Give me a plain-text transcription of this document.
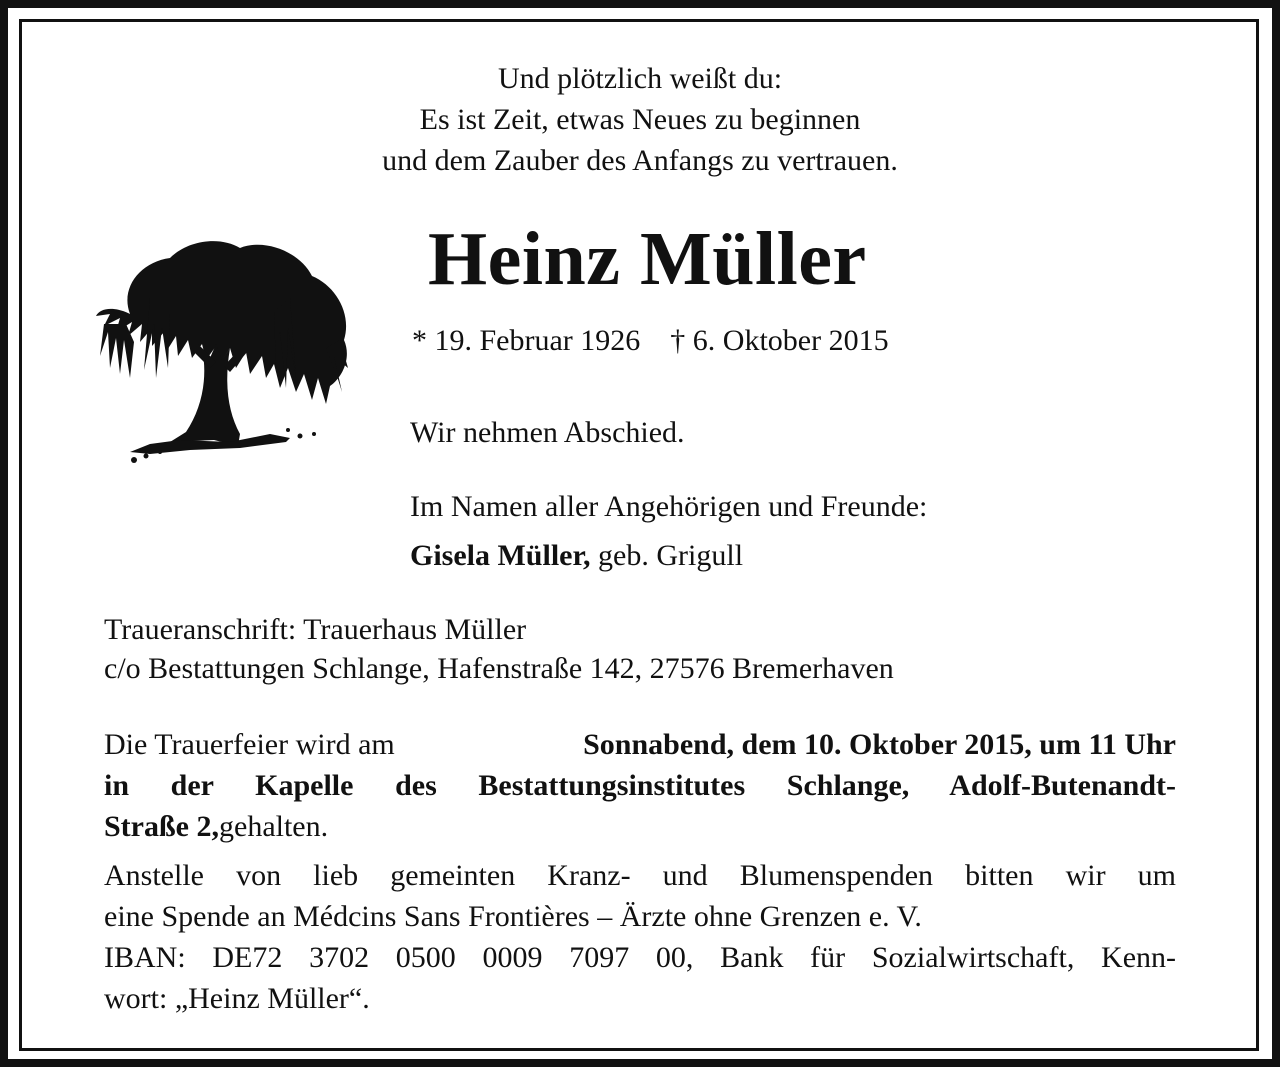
Und plötzlich weißt du:
Es ist Zeit, etwas Neues zu beginnen
und dem Zauber des Anfangs zu vertrauen.
Heinz Müller
* 19. Februar 1926 † 6. Oktober 2015
Wir nehmen Abschied.
Im Namen aller Angehörigen und Freunde:
Gisela Müller, geb. Grigull
Traueranschrift: Trauerhaus Müller
c/o Bestattungen Schlange, Hafenstraße 142, 27576 Bremerhaven
Die Trauerfeier wird am	Sonnabend, dem 10. Oktober 2015, um 11 Uhr
in der Kapelle des Bestattungsinstitutes Schlange, Adolf-Butenandt-
Straße 2, gehalten.
Anstelle von lieb gemeinten Kranz- und Blumenspenden bitten wir um
eine Spende an Médcins Sans Frontières – Ärzte ohne Grenzen e. V.
IBAN: DE72 3702 0500 0009 7097 00, Bank für Sozialwirtschaft, Kenn-
wort: „Heinz Müller“.
